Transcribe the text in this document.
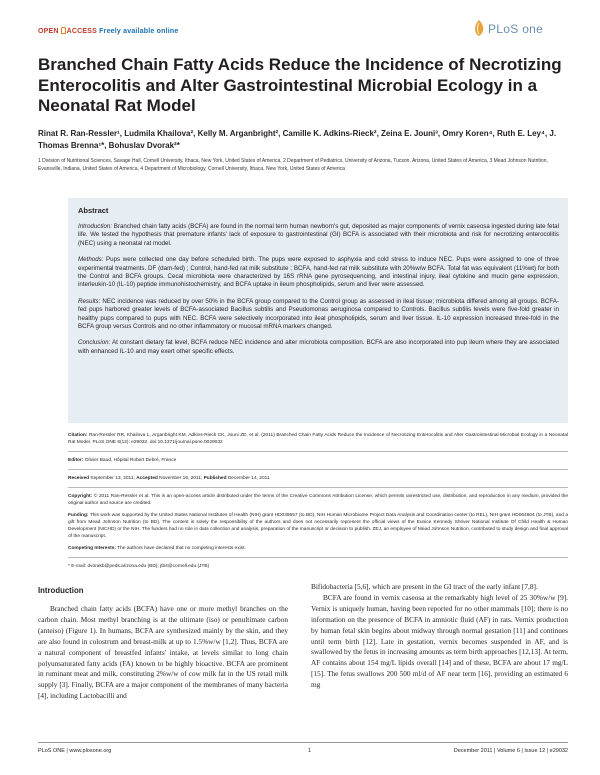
OPEN ACCESS Freely available online	PLoS one
Branched Chain Fatty Acids Reduce the Incidence of Necrotizing Enterocolitis and Alter Gastrointestinal Microbial Ecology in a Neonatal Rat Model
Rinat R. Ran-Ressler¹, Ludmila Khailova², Kelly M. Arganbright², Camille K. Adkins-Rieck², Zeina E. Jouni³, Omry Koren⁴, Ruth E. Ley⁴, J. Thomas Brenna¹*, Bohuslav Dvorak²*
1 Division of Nutritional Sciences, Savage Hall, Cornell University, Ithaca, New York, United States of America, 2 Department of Pediatrics, University of Arizona, Tucson, Arizona, United States of America, 3 Mead Johnson Nutrition, Evansville, Indiana, United States of America, 4 Department of Microbiology, Cornell University, Ithaca, New York, United States of America
Abstract

Introduction: Branched chain fatty acids (BCFA) are found in the normal term human newborn's gut, deposited as major components of vernix caseosa ingested during late fetal life. We tested the hypothesis that premature infants' lack of exposure to gastrointestinal (GI) BCFA is associated with their microbiota and risk for necrotizing enterocolitis (NEC) using a neonatal rat model.

Methods: Pups were collected one day before scheduled birth. The pups were exposed to asphyxia and cold stress to induce NEC. Pups were assigned to one of three experimental treatments. DF (dam-fed) ; Control, hand-fed rat milk substitute ; BCFA, hand-fed rat milk substitute with 20%w/w BCFA. Total fat was equivalent (11%wt) for both the Control and BCFA groups. Cecal microbiota were characterized by 16S rRNA gene pyrosequencing, and intestinal injury, ileal cytokine and mucin gene expression, interleukin-10 (IL-10) peptide immunohistochemistry, and BCFA uptake in ileum phospholipids, serum and liver were assessed.

Results: NEC incidence was reduced by over 50% in the BCFA group compared to the Control group as assessed in ileal tissue; microbiota differed among all groups. BCFA-fed pups harbored greater levels of BCFA-associated Bacillus subtilis and Pseudomonas aeruginosa compared to Controls. Bacillus subtilis levels were five-fold greater in healthy pups compared to pups with NEC. BCFA were selectively incorporated into ileal phospholipids, serum and liver tissue. IL-10 expression increased three-fold in the BCFA group versus Controls and no other inflammatory or mucosal mRNA markers changed.

Conclusion: At constant dietary fat level, BCFA reduce NEC incidence and alter microbiota composition. BCFA are also incorporated into pup ileum where they are associated with enhanced IL-10 and may exert other specific effects.

Citation: Ran-Ressler RR, Khailova L, Arganbright KM, Adkins-Rieck CK, Jouni ZE, et al. (2011) Branched Chain Fatty Acids Reduce the Incidence of Necrotizing Enterocolitis and Alter Gastrointestinal Microbial Ecology in a Neonatal Rat Model. PLoS ONE 6(12): e29032. doi:10.1371/journal.pone.0029032

Editor: Olivier Baud, Hôpital Robert Debré, France

Received September 13, 2011; Accepted November 19, 2011; Published December 14, 2011

Copyright: © 2011 Ran-Ressler et al. This is an open-access article distributed under the terms of the Creative Commons Attribution License, which permits unrestricted use, distribution, and reproduction in any medium, provided the original author and source are credited.

Funding: This work was supported by the United States National Institutes of Health (NIH) grant HD039657 (to BD), NIH Human Microbiome Project Data Analysis and Coordination center (to REL), NIH grant HD064604 (to JTB), and a gift from Mead Johnson Nutrition (to BD). The content is solely the responsibility of the authors and does not necessarily represent the official views of the Eunice Kennedy Shriver National Institute Of Child Health & Human Development (NICHD) or the NIH. The funders had no role in data collection and analysis, preparation of the manuscript or decision to publish. ZEJ, an employee of Mead Johnson Nutrition, contributed to study design and final approval of the manuscript.

Competing Interests: The authors have declared that no competing interests exist.

* E-mail: dvorakb@peds.arizona.edu (BD); jtb4@cornell.edu (JTB)

Introduction

Branched chain fatty acids (BCFA) have one or more methyl branches on the carbon chain. Most methyl branching is at the ultimate (iso) or penultimate carbon (anteiso) (Figure 1). In humans, BCFA are synthesized mainly by the skin, and they are also found in colostrum and breast-milk at up to 1.5%w/w [1,2]. Thus, BCFA are a natural component of breastfed infants' intake, at levels similar to long chain polyunsaturated fatty acids (FA) known to be highly bioactive. BCFA are prominent in ruminant meat and milk, constituting 2%w/w of cow milk fat in the US retail milk supply [3]. Finally, BCFA are a major component of the membranes of many bacteria [4], including Lactobacilli and

Bifidobacteria [5,6], which are present in the GI tract of the early infant [7,8].

BCFA are found in vernix caseosa at the remarkably high level of 25 30%w/w [9]. Vernix is uniquely human, having been reported for no other mammals [10]; there is no information on the presence of BCFA in amniotic fluid (AF) in rats. Vernix production by human fetal skin begins about midway through normal gestation [11] and continues until term birth [12]. Late in gestation, vernix becomes suspended in AF, and is swallowed by the fetus in increasing amounts as term birth approaches [12,13]. At term, AF contains about 154 mg/L lipids overall [14] and of these, BCFA are about 17 mg/L [15]. The fetus swallows 200 500 ml/d of AF near term [16], providing an estimated 6 mg

PLoS ONE | www.plosone.org	1	December 2011 | Volume 6 | Issue 12 | e29032
